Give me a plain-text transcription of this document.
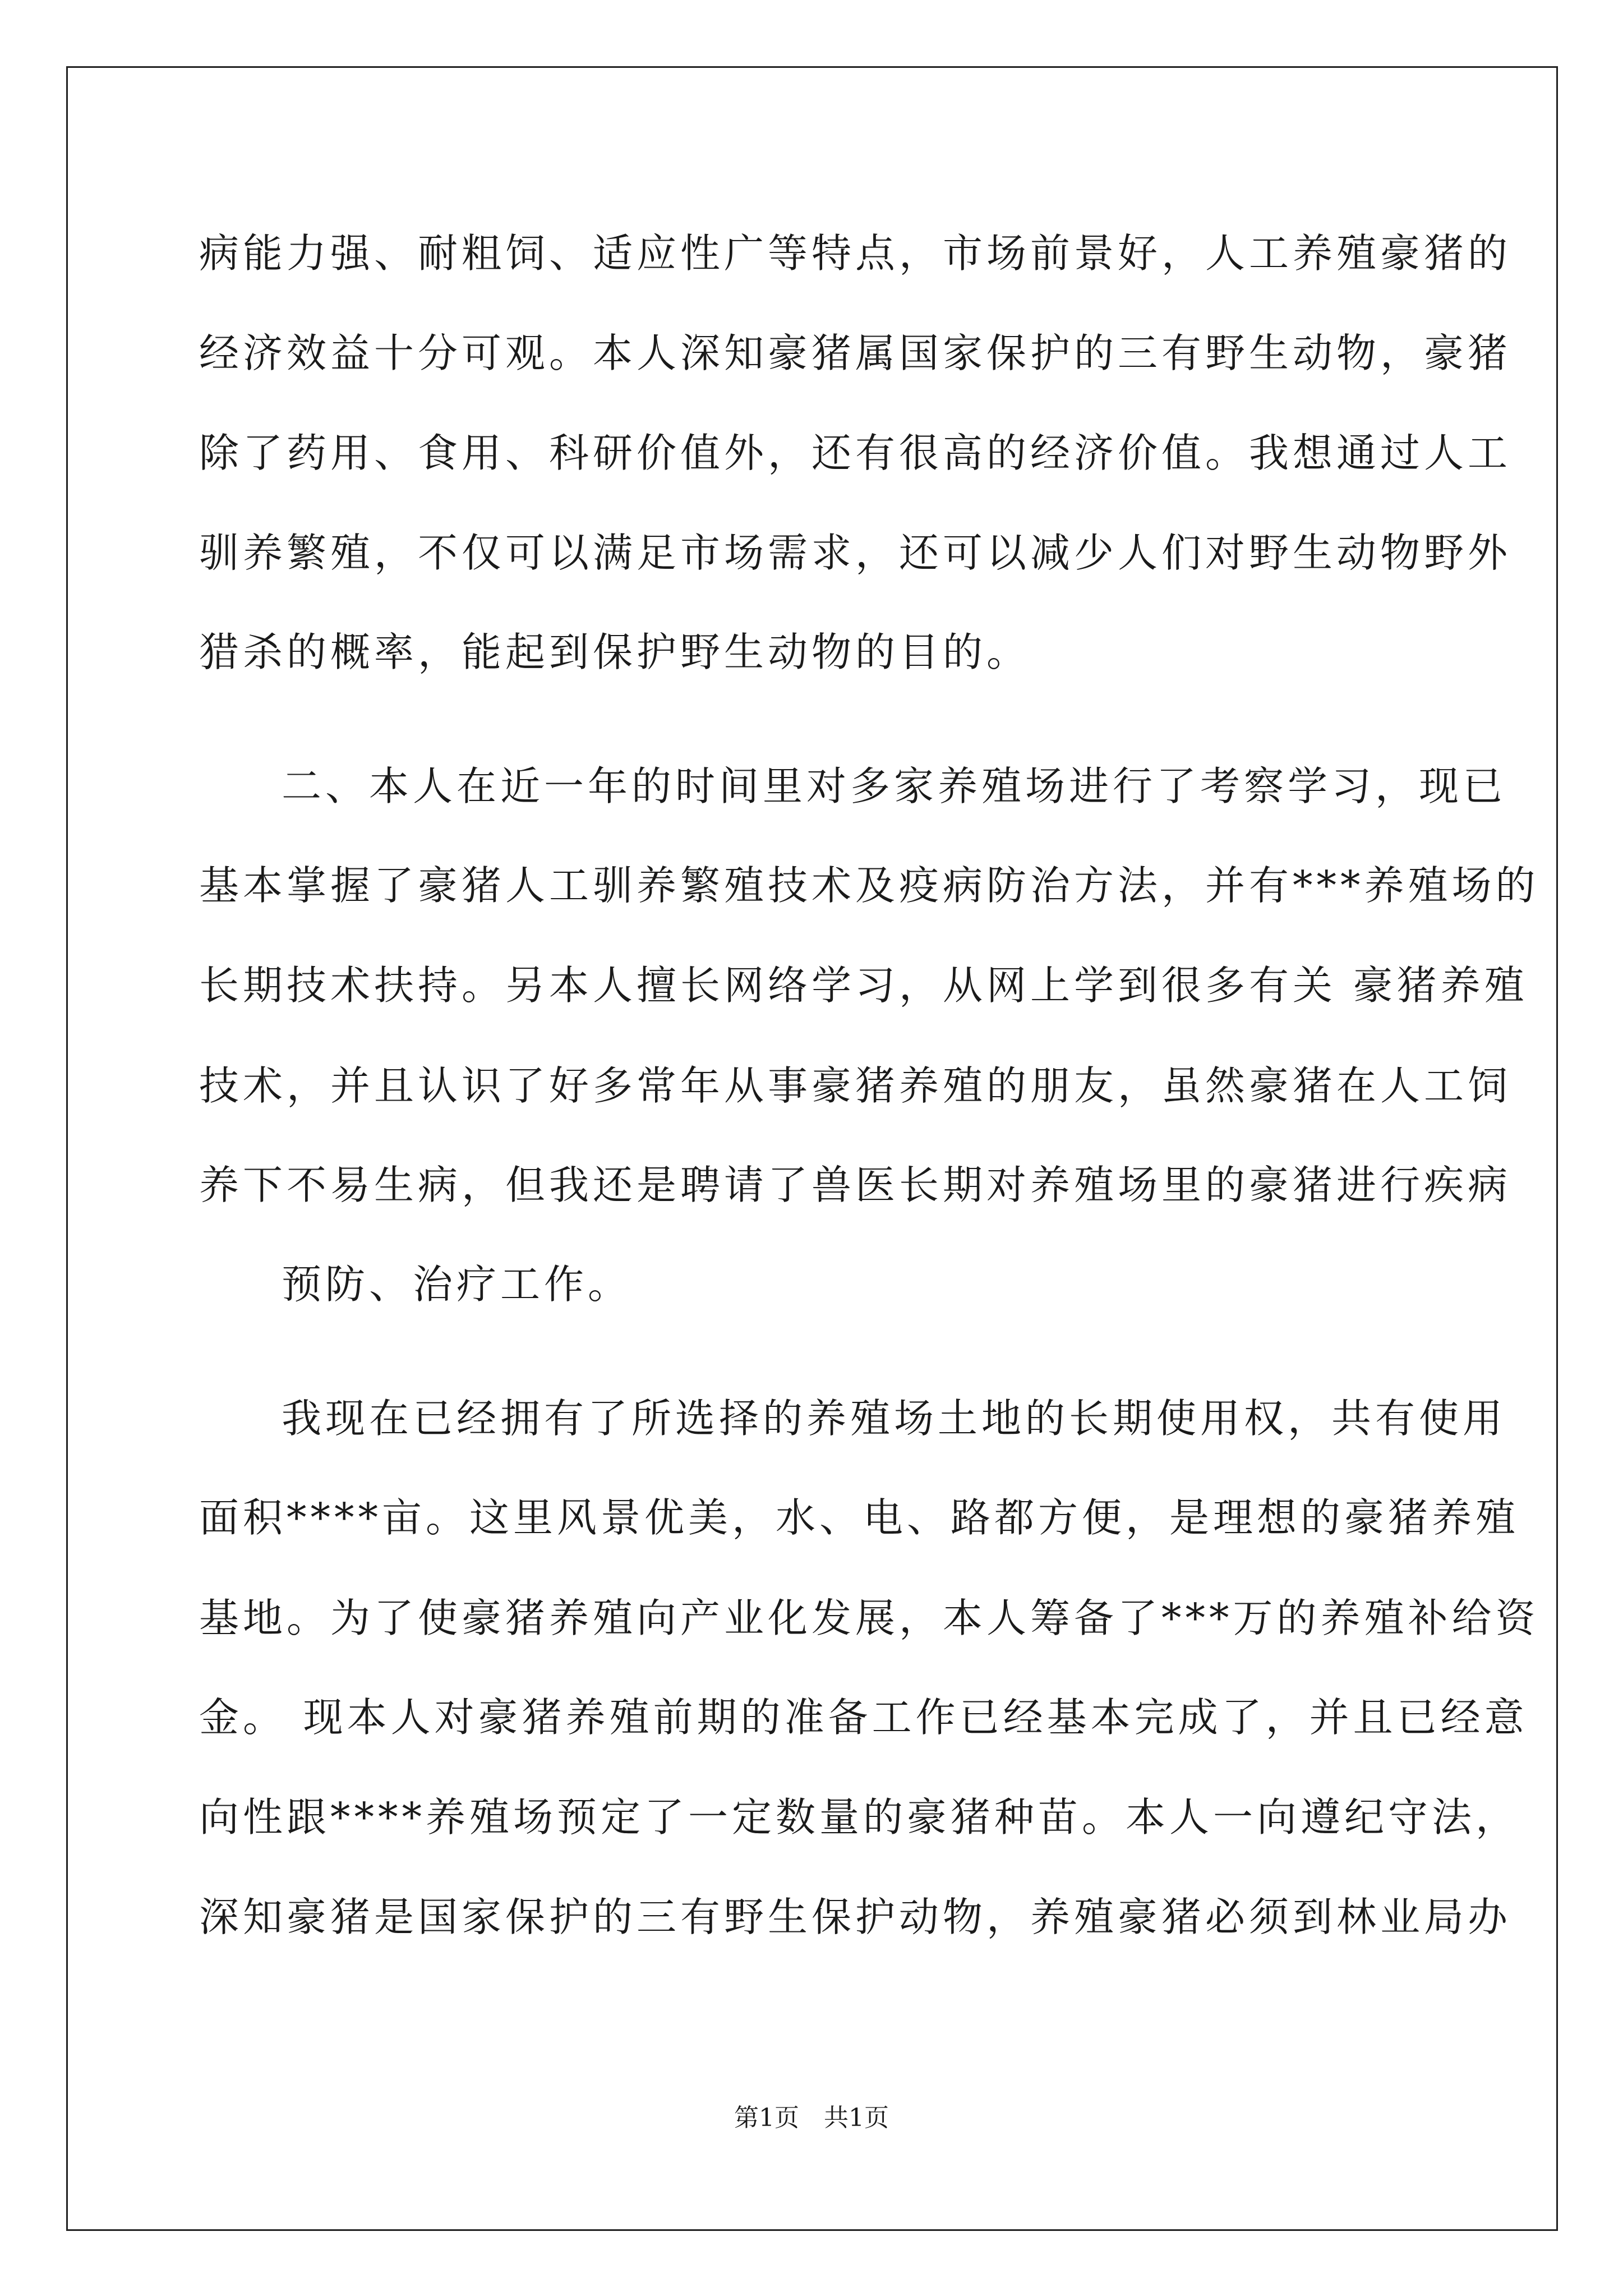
病能力强、耐粗饲、适应性广等特点，市场前景好，人工养殖豪猪的
经济效益十分可观。本人深知豪猪属国家保护的三有野生动物，豪猪
除了药用、食用、科研价值外，还有很高的经济价值。我想通过人工
驯养繁殖，不仅可以满足市场需求，还可以减少人们对野生动物野外
猎杀的概率，能起到保护野生动物的目的。
二、本人在近一年的时间里对多家养殖场进行了考察学习，现已
基本掌握了豪猪人工驯养繁殖技术及疫病防治方法，并有***养殖场的
长期技术扶持。另本人擅长网络学习，从网上学到很多有关 豪猪养殖
技术，并且认识了好多常年从事豪猪养殖的朋友，虽然豪猪在人工饲
养下不易生病，但我还是聘请了兽医长期对养殖场里的豪猪进行疾病
预防、治疗工作。
我现在已经拥有了所选择的养殖场土地的长期使用权，共有使用
面积****亩。这里风景优美，水、电、路都方便，是理想的豪猪养殖
基地。为了使豪猪养殖向产业化发展，本人筹备了***万的养殖补给资
金。 现本人对豪猪养殖前期的准备工作已经基本完成了，并且已经意
向性跟****养殖场预定了一定数量的豪猪种苗。本人一向遵纪守法，
深知豪猪是国家保护的三有野生保护动物，养殖豪猪必须到林业局办
第1页　共1页
